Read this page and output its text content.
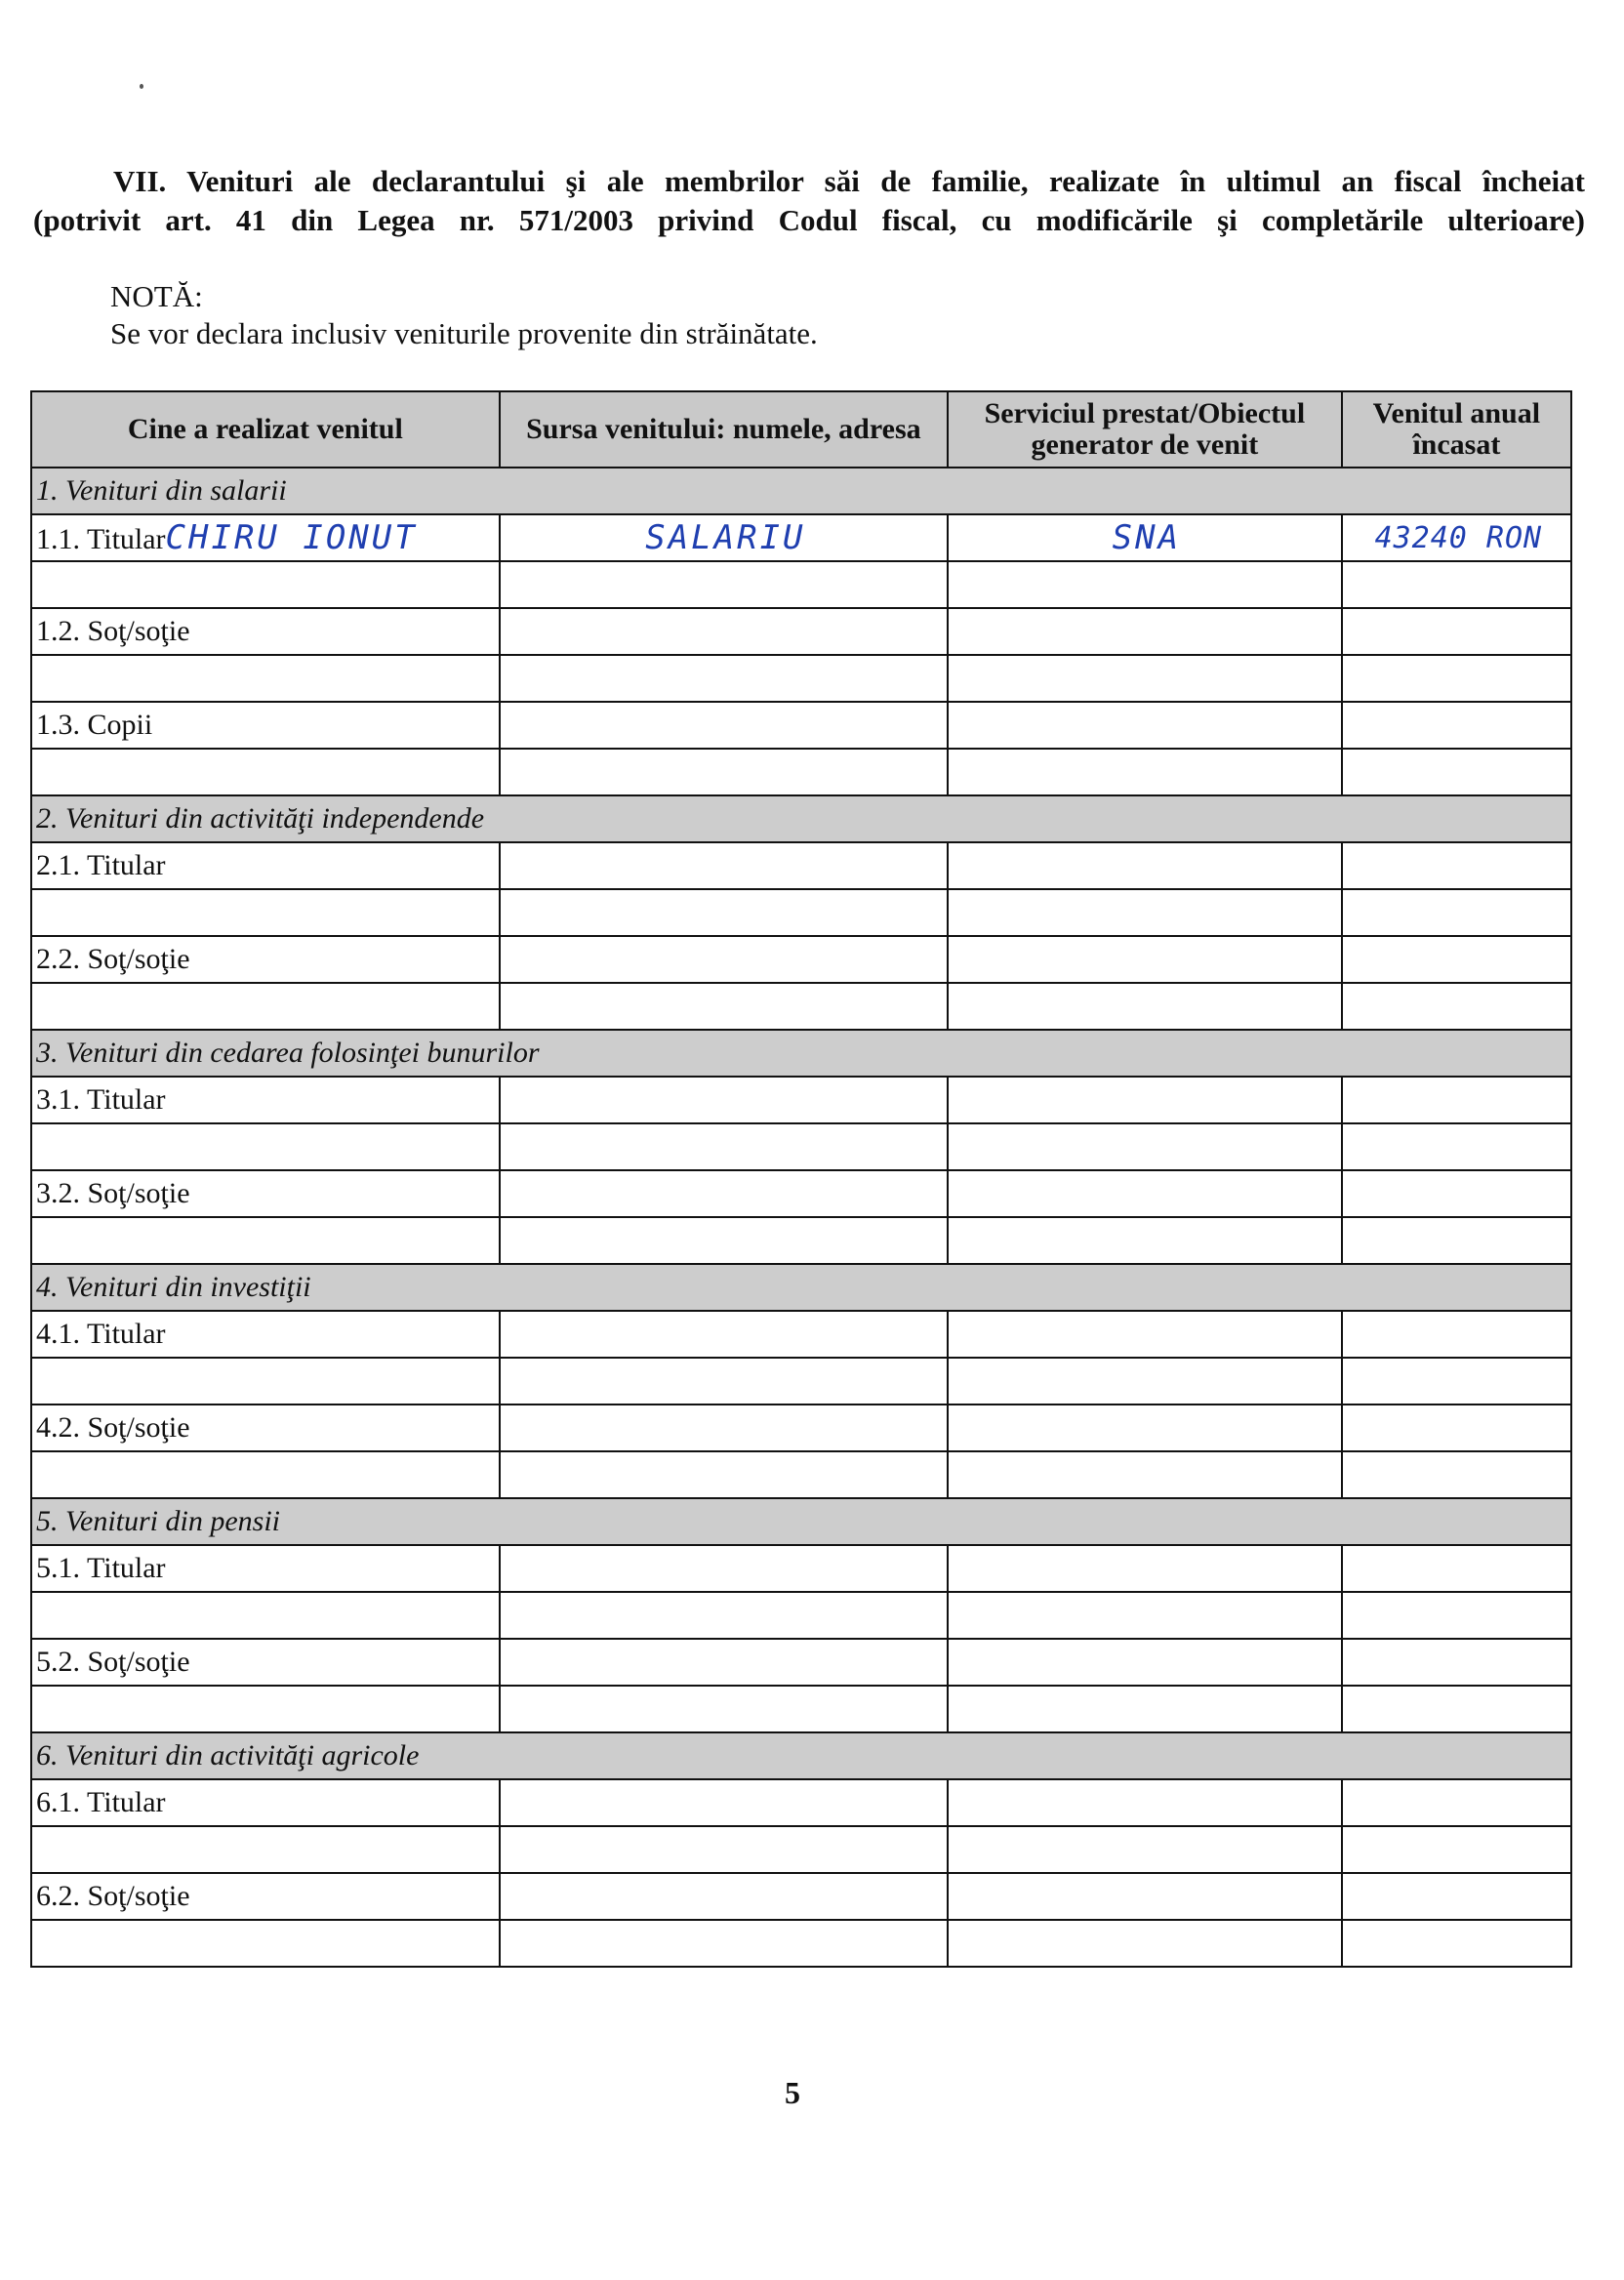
VII. Venituri ale declarantului şi ale membrilor săi de familie, realizate în ultimul an fiscal încheiat
(potrivit art. 41 din Legea nr. 571/2003 privind Codul fiscal, cu modificările şi completările ulterioare)
NOTĂ:
Se vor declara inclusiv veniturile provenite din străinătate.
Cine a realizat venitul	Sursa venitului: numele, adresa	Serviciul prestat/Obiectul generator de venit	Venitul anual încasat
1. Venituri din salarii			
1.1. TitularCHIRU IONUT	SALARIU	SNA	43240 RON

1.2. Soţ/soţie			

1.3. Copii			

2. Venituri din activităţi independende			
2.1. Titular			

2.2. Soţ/soţie			

3. Venituri din cedarea folosinţei bunurilor			
3.1. Titular			

3.2. Soţ/soţie			

4. Venituri din investiţii			
4.1. Titular			

4.2. Soţ/soţie			

5. Venituri din pensii			
5.1. Titular			

5.2. Soţ/soţie			

6. Venituri din activităţi agricole			
6.1. Titular			

6.2. Soţ/soţie			

5
